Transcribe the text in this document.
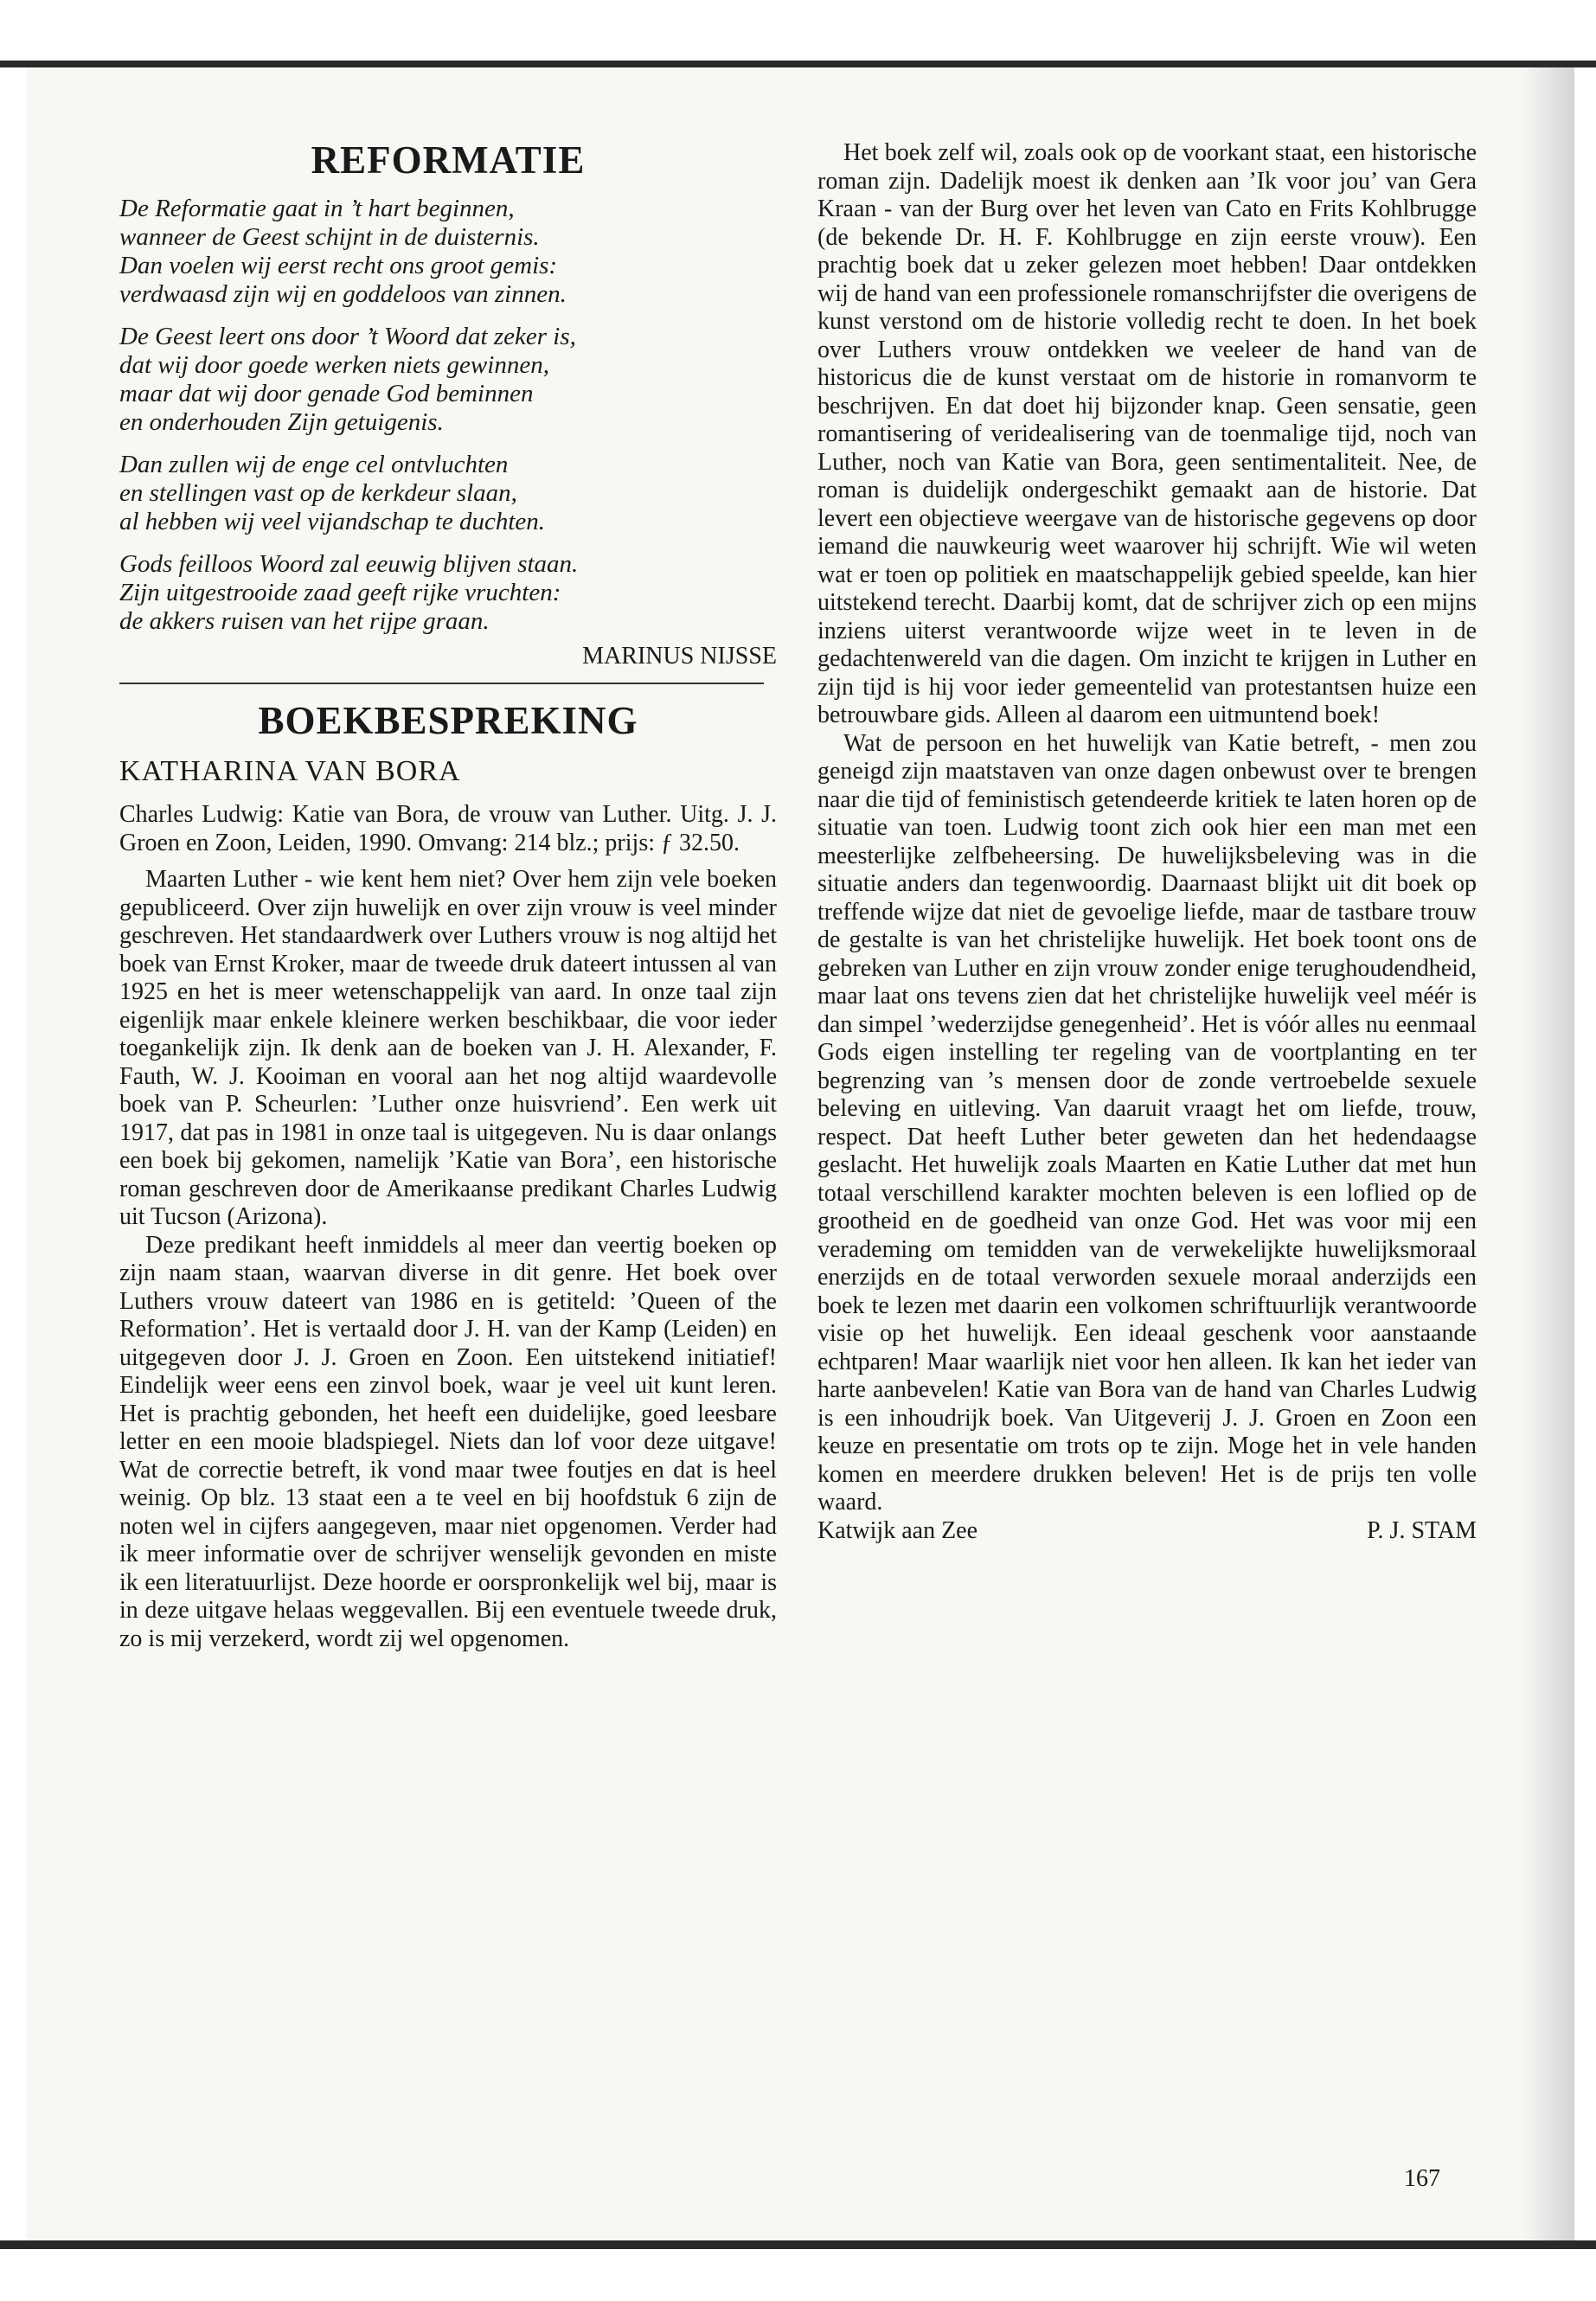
REFORMATIE
De Reformatie gaat in ’t hart beginnen,
wanneer de Geest schijnt in de duisternis.
Dan voelen wij eerst recht ons groot gemis:
verdwaasd zijn wij en goddeloos van zinnen.
De Geest leert ons door ’t Woord dat zeker is,
dat wij door goede werken niets gewinnen,
maar dat wij door genade God beminnen
en onderhouden Zijn getuigenis.
Dan zullen wij de enge cel ontvluchten
en stellingen vast op de kerkdeur slaan,
al hebben wij veel vijandschap te duchten.
Gods feilloos Woord zal eeuwig blijven staan.
Zijn uitgestrooide zaad geeft rijke vruchten:
de akkers ruisen van het rijpe graan.
MARINUS NIJSSE
BOEKBESPREKING
KATHARINA VAN BORA

Charles Ludwig: Katie van Bora, de vrouw van Luther. Uitg. J. J. Groen en Zoon, Leiden, 1990. Omvang: 214 blz.; prijs: ƒ 32.50.

Maarten Luther - wie kent hem niet? Over hem zijn vele boeken gepubliceerd. Over zijn huwelijk en over zijn vrouw is veel minder geschreven. Het standaardwerk over Luthers vrouw is nog altijd het boek van Ernst Kroker, maar de tweede druk dateert intussen al van 1925 en het is meer wetenschappelijk van aard. In onze taal zijn eigenlijk maar enkele kleinere werken beschikbaar, die voor ieder toegankelijk zijn. Ik denk aan de boeken van J. H. Alexander, F. Fauth, W. J. Kooiman en vooral aan het nog altijd waardevolle boek van P. Scheurlen: ’Luther onze huisvriend’. Een werk uit 1917, dat pas in 1981 in onze taal is uitgegeven. Nu is daar onlangs een boek bij gekomen, namelijk ’Katie van Bora’, een historische roman geschreven door de Amerikaanse predikant Charles Ludwig uit Tucson (Arizona).

Deze predikant heeft inmiddels al meer dan veertig boeken op zijn naam staan, waarvan diverse in dit genre. Het boek over Luthers vrouw dateert van 1986 en is getiteld: ’Queen of the Reformation’. Het is vertaald door J. H. van der Kamp (Leiden) en uitgegeven door J. J. Groen en Zoon. Een uitstekend initiatief! Eindelijk weer eens een zinvol boek, waar je veel uit kunt leren. Het is prachtig gebonden, het heeft een duidelijke, goed leesbare letter en een mooie bladspiegel. Niets dan lof voor deze uitgave! Wat de correctie betreft, ik vond maar twee foutjes en dat is heel weinig. Op blz. 13 staat een a te veel en bij hoofdstuk 6 zijn de noten wel in cijfers aangegeven, maar niet opgenomen. Verder had ik meer informatie over de schrijver wenselijk gevonden en miste ik een literatuurlijst. Deze hoorde er oorspronkelijk wel bij, maar is in deze uitgave helaas weggevallen. Bij een eventuele tweede druk, zo is mij verzekerd, wordt zij wel opgenomen.

Het boek zelf wil, zoals ook op de voorkant staat, een historische roman zijn. Dadelijk moest ik denken aan ’Ik voor jou’ van Gera Kraan - van der Burg over het leven van Cato en Frits Kohlbrugge (de bekende Dr. H. F. Kohlbrugge en zijn eerste vrouw). Een prachtig boek dat u zeker gelezen moet hebben! Daar ontdekken wij de hand van een professionele romanschrijfster die overigens de kunst verstond om de historie volledig recht te doen. In het boek over Luthers vrouw ontdekken we veeleer de hand van de historicus die de kunst verstaat om de historie in romanvorm te beschrijven. En dat doet hij bijzonder knap. Geen sensatie, geen romantisering of veridealisering van de toenmalige tijd, noch van Luther, noch van Katie van Bora, geen sentimentaliteit. Nee, de roman is duidelijk ondergeschikt gemaakt aan de historie. Dat levert een objectieve weergave van de historische gegevens op door iemand die nauwkeurig weet waarover hij schrijft. Wie wil weten wat er toen op politiek en maatschappelijk gebied speelde, kan hier uitstekend terecht. Daarbij komt, dat de schrijver zich op een mijns inziens uiterst verantwoorde wijze weet in te leven in de gedachtenwereld van die dagen. Om inzicht te krijgen in Luther en zijn tijd is hij voor ieder gemeentelid van protestantsen huize een betrouwbare gids. Alleen al daarom een uitmuntend boek!

Wat de persoon en het huwelijk van Katie betreft, - men zou geneigd zijn maatstaven van onze dagen onbewust over te brengen naar die tijd of feministisch getendeerde kritiek te laten horen op de situatie van toen. Ludwig toont zich ook hier een man met een meesterlijke zelfbeheersing. De huwelijksbeleving was in die situatie anders dan tegenwoordig. Daarnaast blijkt uit dit boek op treffende wijze dat niet de gevoelige liefde, maar de tastbare trouw de gestalte is van het christelijke huwelijk. Het boek toont ons de gebreken van Luther en zijn vrouw zonder enige terughoudendheid, maar laat ons tevens zien dat het christelijke huwelijk veel méér is dan simpel ’wederzijdse genegenheid’. Het is vóór alles nu eenmaal Gods eigen instelling ter regeling van de voortplanting en ter begrenzing van ’s mensen door de zonde vertroebelde sexuele beleving en uitleving. Van daaruit vraagt het om liefde, trouw, respect. Dat heeft Luther beter geweten dan het hedendaagse geslacht. Het huwelijk zoals Maarten en Katie Luther dat met hun totaal verschillend karakter mochten beleven is een loflied op de grootheid en de goedheid van onze God. Het was voor mij een verademing om temidden van de verwekelijkte huwelijksmoraal enerzijds en de totaal verworden sexuele moraal anderzijds een boek te lezen met daarin een volkomen schriftuurlijk verantwoorde visie op het huwelijk. Een ideaal geschenk voor aanstaande echtparen! Maar waarlijk niet voor hen alleen. Ik kan het ieder van harte aanbevelen! Katie van Bora van de hand van Charles Ludwig is een inhoudrijk boek. Van Uitgeverij J. J. Groen en Zoon een keuze en presentatie om trots op te zijn. Moge het in vele handen komen en meerdere drukken beleven! Het is de prijs ten volle waard.

Katwijk aan Zee	P. J. STAM
167
